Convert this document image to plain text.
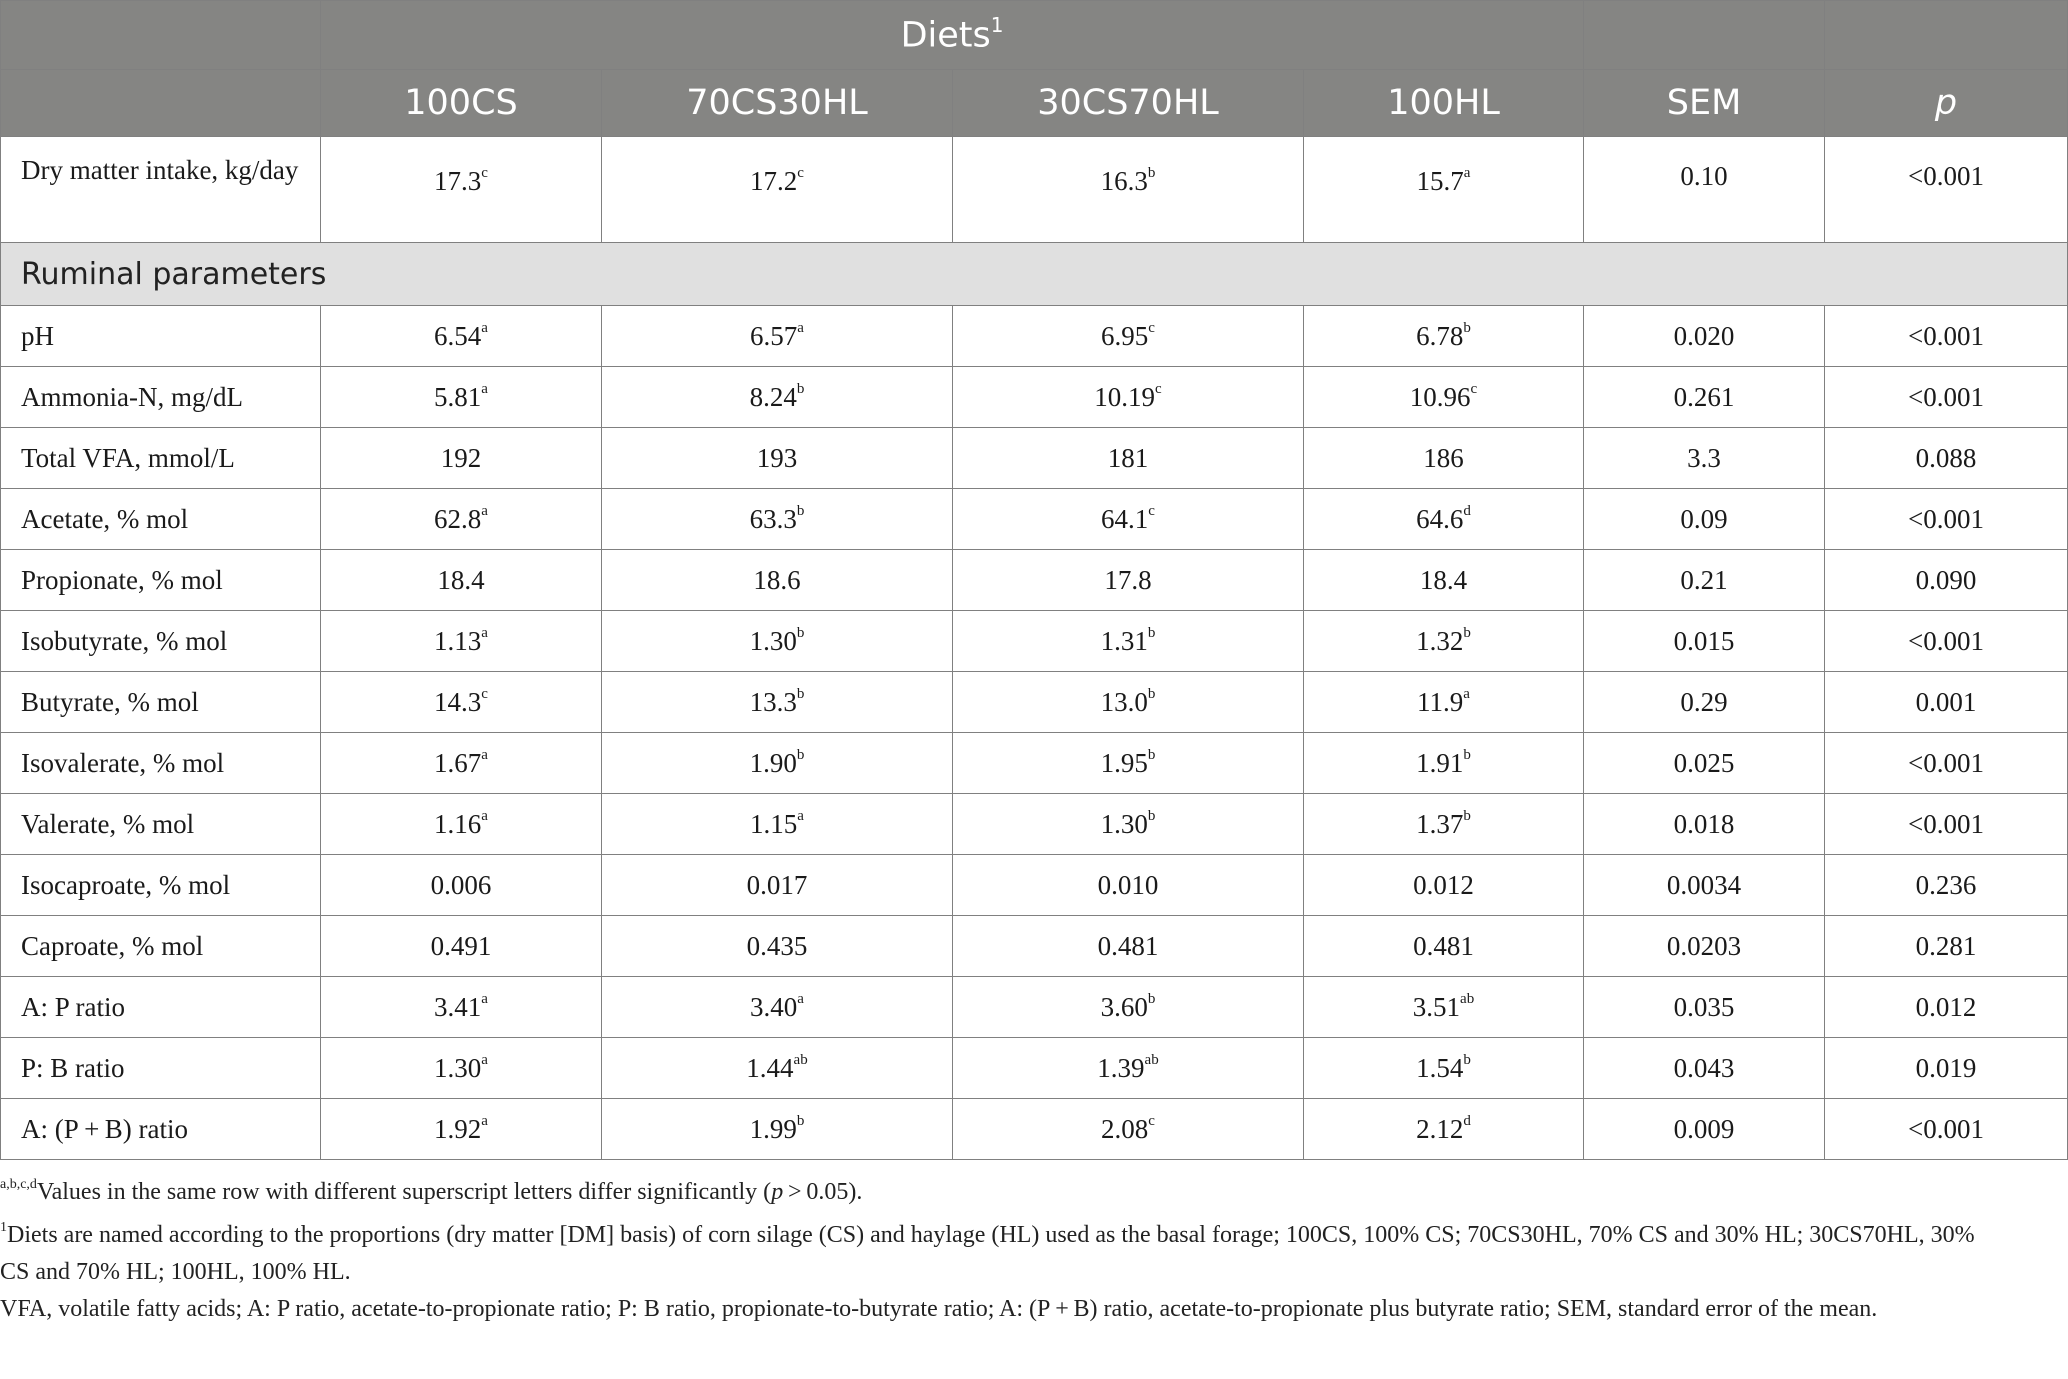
	Diets$^1$		
	100CS	70CS30HL	30CS70HL	100HL	SEM	p
Dry matter intake, kg/day	17.3$^c$	17.2$^c$	16.3$^b$	15.7$^a$	0.10	<0.001
Ruminal parameters						
pH	6.54$^a$	6.57$^a$	6.95$^c$	6.78$^b$	0.020	<0.001
Ammonia-N, mg/dL	5.81$^a$	8.24$^b$	10.19$^c$	10.96$^c$	0.261	<0.001
Total VFA, mmol/L	192	193	181	186	3.3	0.088
Acetate, % mol	62.8$^a$	63.3$^b$	64.1$^c$	64.6$^d$	0.09	<0.001
Propionate, % mol	18.4	18.6	17.8	18.4	0.21	0.090
Isobutyrate, % mol	1.13$^a$	1.30$^b$	1.31$^b$	1.32$^b$	0.015	<0.001
Butyrate, % mol	14.3$^c$	13.3$^b$	13.0$^b$	11.9$^a$	0.29	0.001
Isovalerate, % mol	1.67$^a$	1.90$^b$	1.95$^b$	1.91$^b$	0.025	<0.001
Valerate, % mol	1.16$^a$	1.15$^a$	1.30$^b$	1.37$^b$	0.018	<0.001
Isocaproate, % mol	0.006	0.017	0.010	0.012	0.0034	0.236
Caproate, % mol	0.491	0.435	0.481	0.481	0.0203	0.281
A: P ratio	3.41$^a$	3.40$^a$	3.60$^b$	3.51$^{ab}$	0.035	0.012
P: B ratio	1.30$^a$	1.44$^{ab}$	1.39$^{ab}$	1.54$^b$	0.043	0.019
A: (P + B) ratio	1.92$^a$	1.99$^b$	2.08$^c$	2.12$^d$	0.009	<0.001

$^{a,b,c,d}$Values in the same row with different superscript letters differ significantly (p > 0.05).

$^1$Diets are named according to the proportions (dry matter [DM] basis) of corn silage (CS) and haylage (HL) used as the basal forage; 100CS, 100% CS; 70CS30HL, 70% CS and 30% HL; 30CS70HL, 30% CS and 70% HL; 100HL, 100% HL.

VFA, volatile fatty acids; A: P ratio, acetate-to-propionate ratio; P: B ratio, propionate-to-butyrate ratio; A: (P + B) ratio, acetate-to-propionate plus butyrate ratio; SEM, standard error of the mean.
